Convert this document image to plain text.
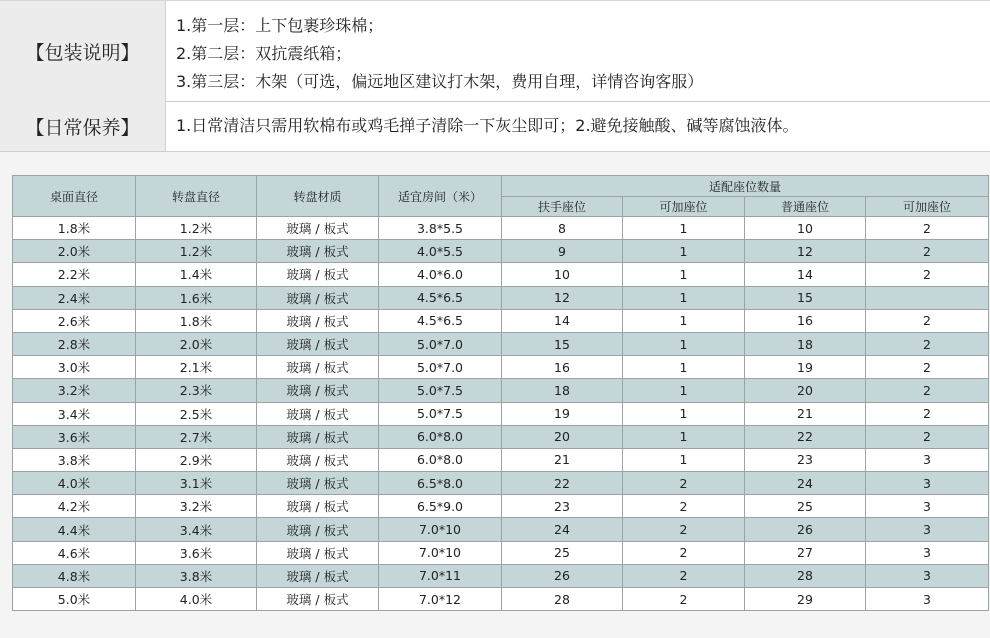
【包装说明】
1.第一层：上下包裹珍珠棉；
2.第二层：双抗震纸箱；
3.第三层：木架（可选，偏远地区建议打木架，费用自理，详情咨询客服）
【日常保养】	1.日常清洁只需用软棉布或鸡毛掸子清除一下灰尘即可；2.避免接触酸、碱等腐蚀液体。
桌面直径	转盘直径	转盘材质	适宜房间（米）	适配座位数量			
				扶手座位	可加座位	普通座位	可加座位
1.8米	1.2米	玻璃 / 板式	3.8*5.5	8	1	10	2
2.0米	1.2米	玻璃 / 板式	4.0*5.5	9	1	12	2
2.2米	1.4米	玻璃 / 板式	4.0*6.0	10	1	14	2
2.4米	1.6米	玻璃 / 板式	4.5*6.5	12	1	15	
2.6米	1.8米	玻璃 / 板式	4.5*6.5	14	1	16	2
2.8米	2.0米	玻璃 / 板式	5.0*7.0	15	1	18	2
3.0米	2.1米	玻璃 / 板式	5.0*7.0	16	1	19	2
3.2米	2.3米	玻璃 / 板式	5.0*7.5	18	1	20	2
3.4米	2.5米	玻璃 / 板式	5.0*7.5	19	1	21	2
3.6米	2.7米	玻璃 / 板式	6.0*8.0	20	1	22	2
3.8米	2.9米	玻璃 / 板式	6.0*8.0	21	1	23	3
4.0米	3.1米	玻璃 / 板式	6.5*8.0	22	2	24	3
4.2米	3.2米	玻璃 / 板式	6.5*9.0	23	2	25	3
4.4米	3.4米	玻璃 / 板式	7.0*10	24	2	26	3
4.6米	3.6米	玻璃 / 板式	7.0*10	25	2	27	3
4.8米	3.8米	玻璃 / 板式	7.0*11	26	2	28	3
5.0米	4.0米	玻璃 / 板式	7.0*12	28	2	29	3
